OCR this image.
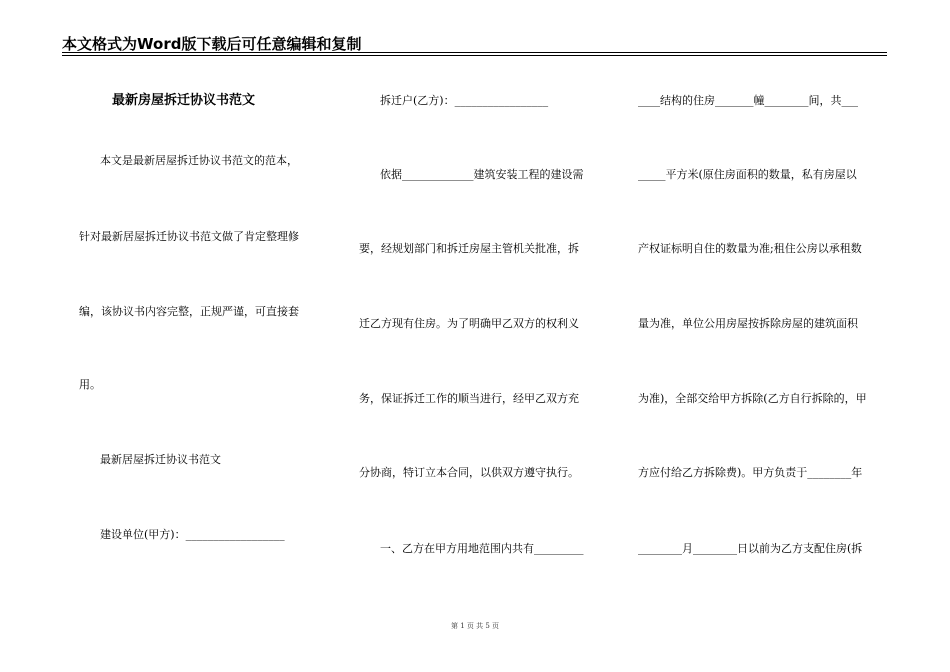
本文格式为Word版下载后可任意编辑和复制
最新房屋拆迁协议书范文
本文是最新居屋拆迁协议书范文的范本，
针对最新居屋拆迁协议书范文做了肯定整理修
编，该协议书内容完整，正规严谨，可直接套
用。
最新居屋拆迁协议书范文
建设单位(甲方)：__________________
拆迁户(乙方)：_________________
依据_____________建筑安装工程的建设需
要，经规划部门和拆迁房屋主管机关批准，拆
迁乙方现有住房。为了明确甲乙双方的权利义
务，保证拆迁工作的顺当进行，经甲乙双方充
分协商，特订立本合同，以供双方遵守执行。
一、乙方在甲方用地范围内共有_________
____结构的住房_______幢________间，共___
_____平方米(原住房面积的数量，私有房屋以
产权证标明自住的数量为准;租住公房以承租数
量为准，单位公用房屋按拆除房屋的建筑面积
为准)，全部交给甲方拆除(乙方自行拆除的，甲
方应付给乙方拆除费)。甲方负责于________年
________月________日以前为乙方支配住房(拆
第 1 页 共 5 页
